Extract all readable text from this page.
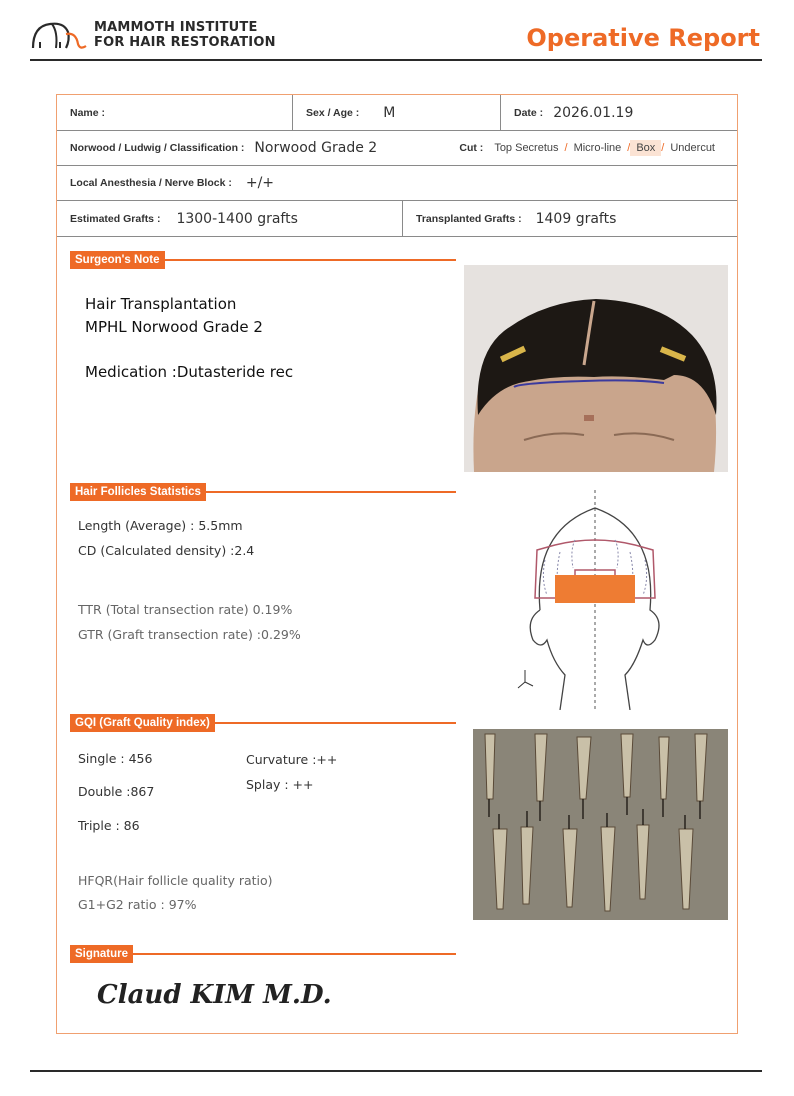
MAMMOTH INSTITUTE
FOR HAIR RESTORATION	Operative Report
Name :	Sex / Age : M	Date : 2026.01.19
Norwood / Ludwig / Classification : Norwood Grade 2	Cut :	Top Secretus / Micro-line / Box / Undercut
Local Anesthesia / Nerve Block : +/+
Estimated Grafts : 1300-1400 grafts	Transplanted Grafts : 1409 grafts
Surgeon's Note
Hair Transplantation
MPHL Norwood Grade 2
Medication :Dutasteride rec
Hair Follicles Statistics
Length (Average) : 5.5mm
CD (Calculated density) :2.4
TTR (Total transection rate) 0.19%
GTR (Graft transection rate) :0.29%
GQI (Graft Quality index)
Single : 456
Double :867
Triple : 86
Curvature :++
Splay : ++
HFQR(Hair follicle quality ratio)
G1+G2 ratio : 97%
Signature
Claud KIM M.D.
